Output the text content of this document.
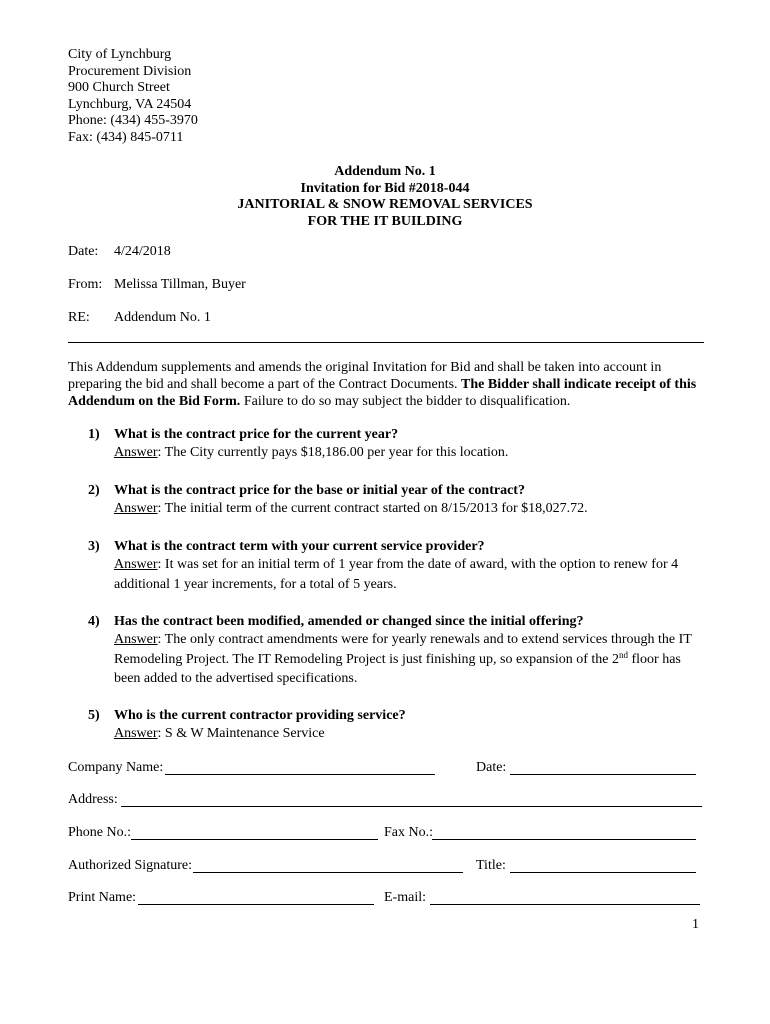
City of Lynchburg
Procurement Division
900 Church Street
Lynchburg, VA 24504
Phone: (434) 455-3970
Fax: (434) 845-0711
Addendum No. 1
Invitation for Bid #2018-044
JANITORIAL & SNOW REMOVAL SERVICES
FOR THE IT BUILDING
Date: 4/24/2018
From: Melissa Tillman, Buyer
RE: Addendum No. 1
This Addendum supplements and amends the original Invitation for Bid and shall be taken into account in preparing the bid and shall become a part of the Contract Documents. The Bidder shall indicate receipt of this Addendum on the Bid Form. Failure to do so may subject the bidder to disqualification.
1) What is the contract price for the current year?
Answer: The City currently pays $18,186.00 per year for this location.
2) What is the contract price for the base or initial year of the contract?
Answer: The initial term of the current contract started on 8/15/2013 for $18,027.72.
3) What is the contract term with your current service provider?
Answer: It was set for an initial term of 1 year from the date of award, with the option to renew for 4 additional 1 year increments, for a total of 5 years.
4) Has the contract been modified, amended or changed since the initial offering?
Answer: The only contract amendments were for yearly renewals and to extend services through the IT Remodeling Project. The IT Remodeling Project is just finishing up, so expansion of the 2nd floor has been added to the advertised specifications.
5) Who is the current contractor providing service?
Answer: S & W Maintenance Service
Company Name:	Date:
Address:
Phone No.:	Fax No.:
Authorized Signature:	Title:
Print Name:	E-mail:
1
